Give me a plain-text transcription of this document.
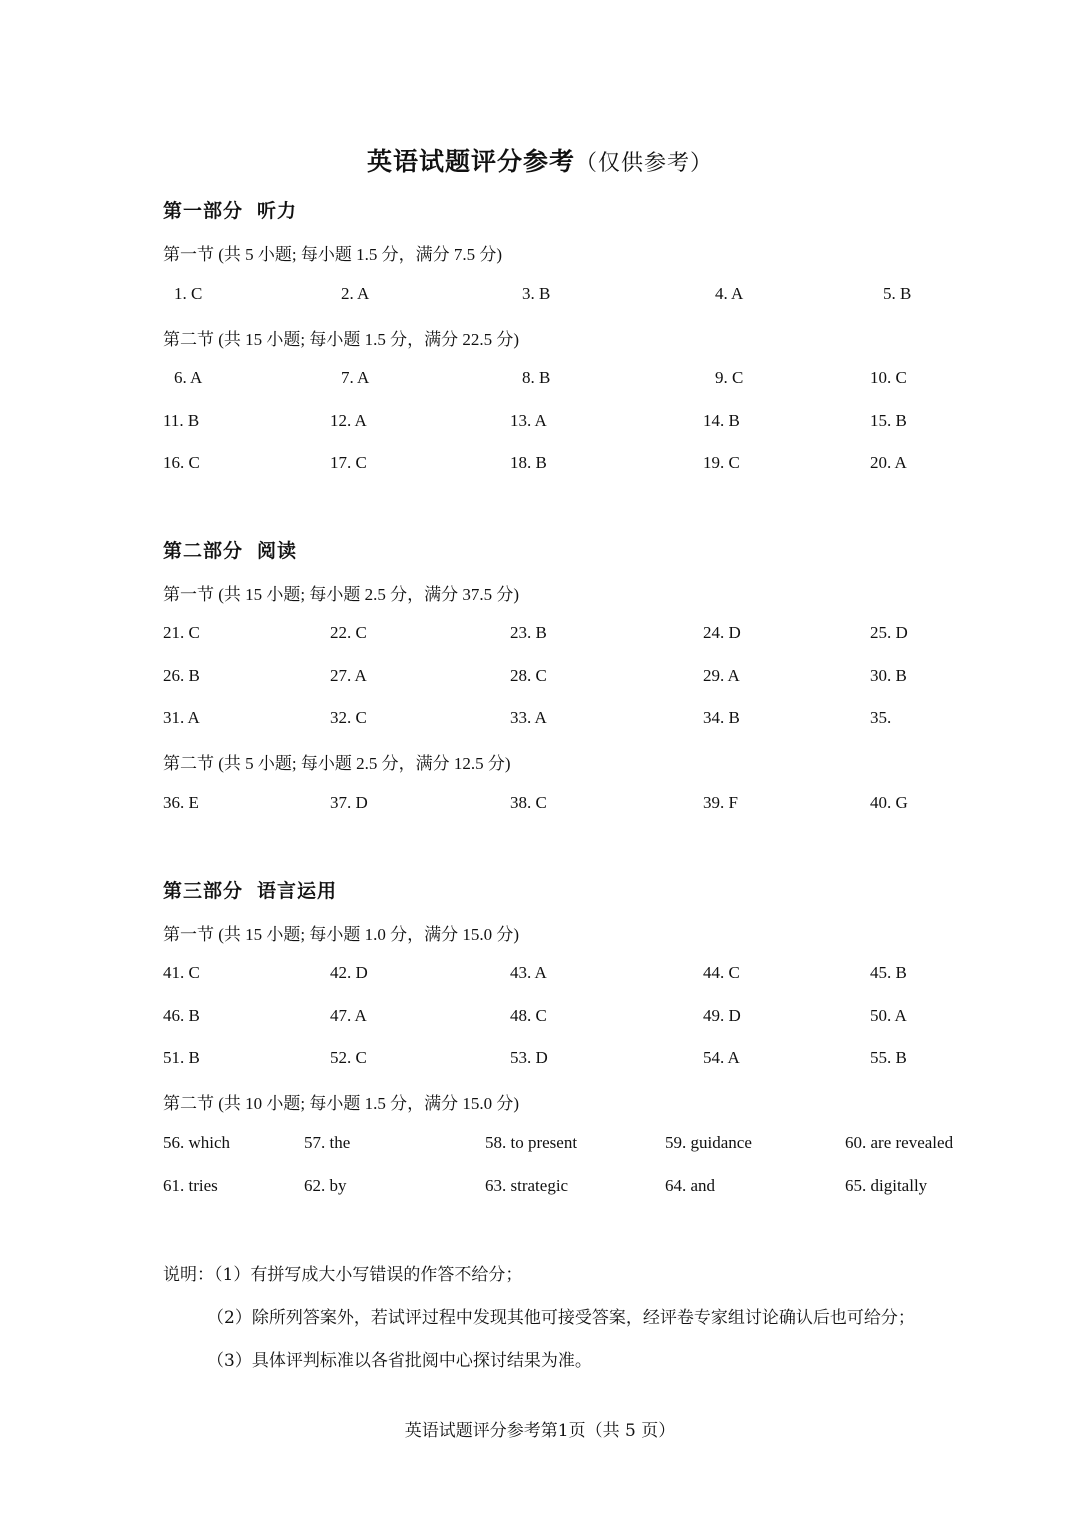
英语试题评分参考（仅供参考）
第一部分 听力
第一节 (共 5 小题; 每小题 1.5 分，满分 7.5 分)
1. C	2. A	3. B	4. A	5. B
第二节 (共 15 小题; 每小题 1.5 分，满分 22.5 分)
6. A	7. A	8. B	9. C	10. C
11. B	12. A	13. A	14. B	15. B
16. C	17. C	18. B	19. C	20. A
第二部分 阅读
第一节 (共 15 小题; 每小题 2.5 分，满分 37.5 分)
21. C	22. C	23. B	24. D	25. D
26. B	27. A	28. C	29. A	30. B
31. A	32. C	33. A	34. B	35.
第二节 (共 5 小题; 每小题 2.5 分，满分 12.5 分)
36. E	37. D	38. C	39. F	40. G
第三部分 语言运用
第一节 (共 15 小题; 每小题 1.0 分，满分 15.0 分)
41. C	42. D	43. A	44. C	45. B
46. B	47. A	48. C	49. D	50. A
51. B	52. C	53. D	54. A	55. B
第二节 (共 10 小题; 每小题 1.5 分，满分 15.0 分)
56. which	57. the	58. to present	59. guidance	60. are revealed
61. tries	62. by	63. strategic	64. and	65. digitally
说明：（1）有拼写成大小写错误的作答不给分；
（2）除所列答案外，若试评过程中发现其他可接受答案，经评卷专家组讨论确认后也可给分；
（3）具体评判标准以各省批阅中心探讨结果为准。
英语试题评分参考第1页（共 5 页）
